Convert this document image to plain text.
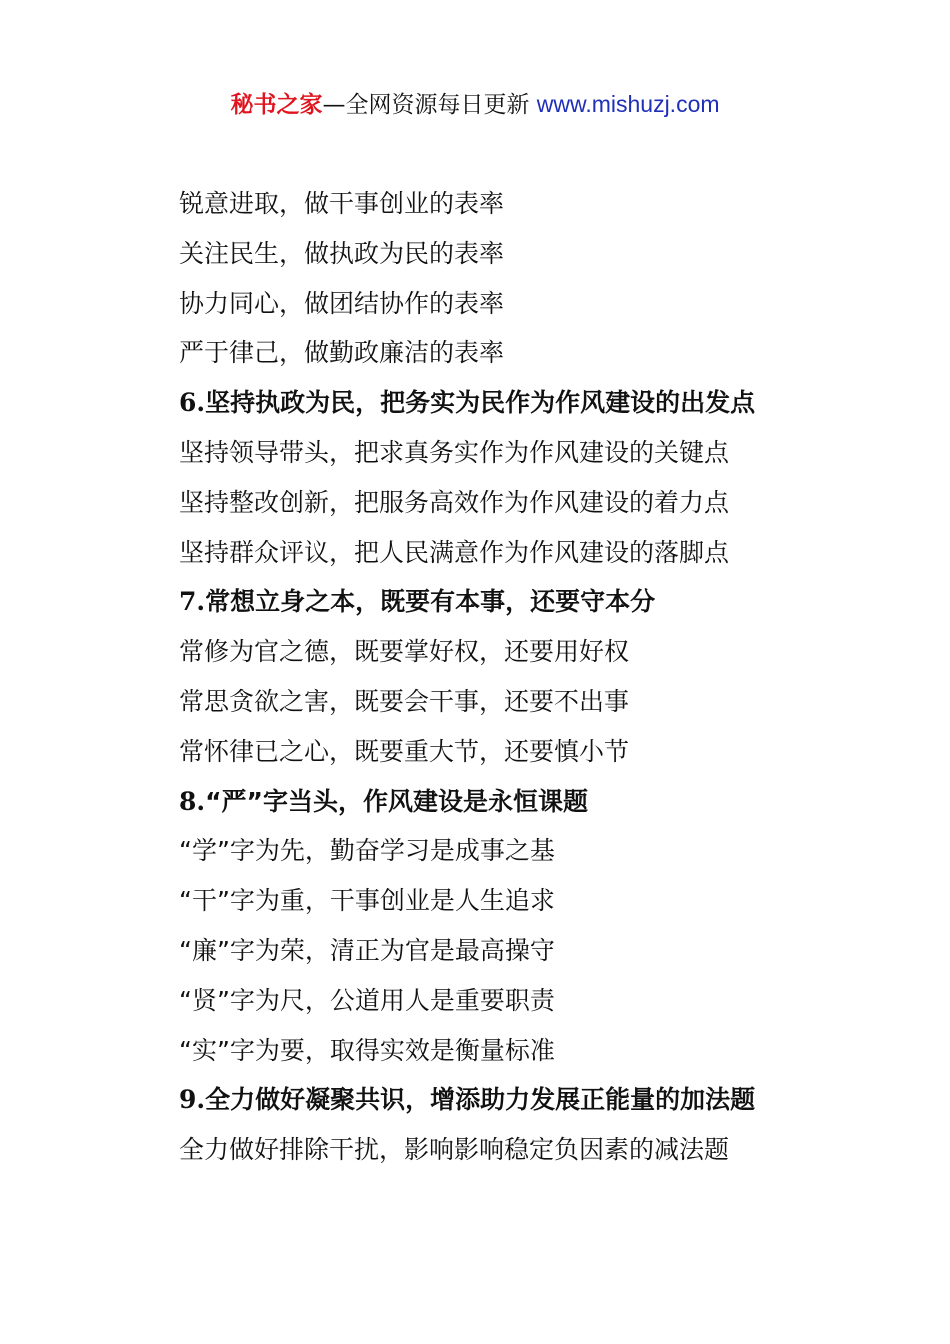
秘书之家—全网资源每日更新 www.mishuzj.com
锐意进取，做干事创业的表率
关注民生，做执政为民的表率
协力同心，做团结协作的表率
严于律己，做勤政廉洁的表率
6.坚持执政为民，把务实为民作为作风建设的出发点
坚持领导带头，把求真务实作为作风建设的关键点
坚持整改创新，把服务高效作为作风建设的着力点
坚持群众评议，把人民满意作为作风建设的落脚点
7.常想立身之本，既要有本事，还要守本分
常修为官之德，既要掌好权，还要用好权
常思贪欲之害，既要会干事，还要不出事
常怀律已之心，既要重大节，还要慎小节
8.“严”字当头，作风建设是永恒课题
“学”字为先，勤奋学习是成事之基
“干”字为重，干事创业是人生追求
“廉”字为荣，清正为官是最高操守
“贤”字为尺，公道用人是重要职责
“实”字为要，取得实效是衡量标准
9.全力做好凝聚共识，增添助力发展正能量的加法题
全力做好排除干扰，影响影响稳定负因素的减法题
